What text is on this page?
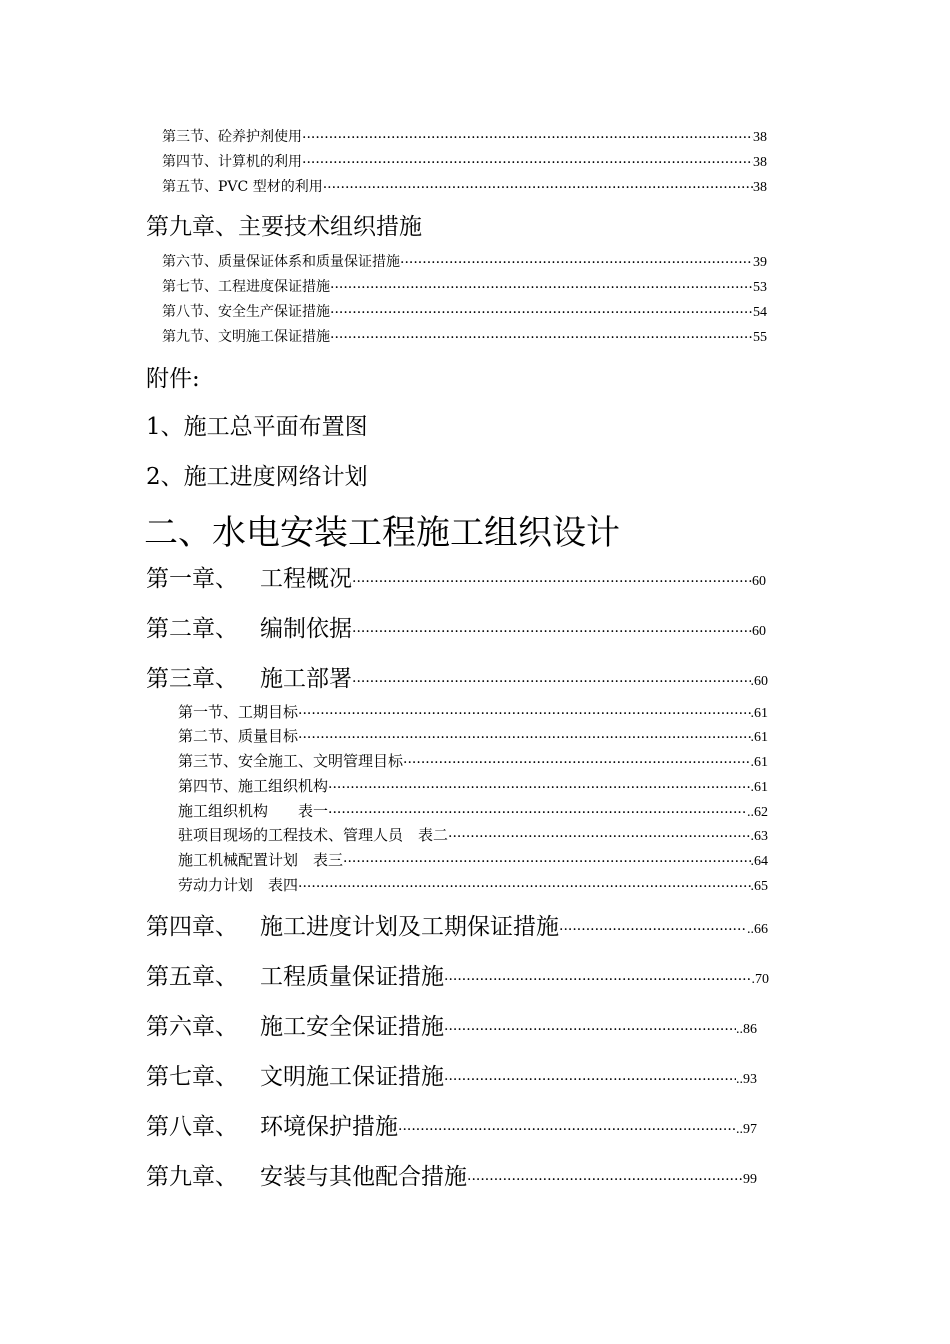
第三节、砼养护剂使用 ·····	38
第四节、计算机的利用 ·····	38
第五节、PVC 型材的利用 ·····	38
第九章、主要技术组织措施
第六节、质量保证体系和质量保证措施 ·····	39
第七节、工程进度保证措施 ·····	53
第八节、安全生产保证措施 ·····	54
第九节、文明施工保证措施 ·····	55
附件:
1、施工总平面布置图
2、施工进度网络计划
二、水电安装工程施工组织设计
第一章、 工程概况 ·····	60
第二章、 编制依据 ·····	60
第三章、 施工部署 ·····	.60
第一节、工期目标 ·····	.61
第二节、质量目标 ·····	.61
第三节、安全施工、文明管理目标 ·····	.61
第四节、施工组织机构 ·····	.61
施工组织机构　　表一 ·····	..62
驻项目现场的工程技术、管理人员　表二 ·····	.63
施工机械配置计划　表三 ·····	.64
劳动力计划　表四 ·····	.65
第四章、 施工进度计划及工期保证措施 ·····	..66
第五章、 工程质量保证措施 ·····	.70
第六章、 施工安全保证措施 ·····	..86
第七章、 文明施工保证措施 ·····	..93
第八章、 环境保护措施 ·····	..97
第九章、 安装与其他配合措施 ·····	99
